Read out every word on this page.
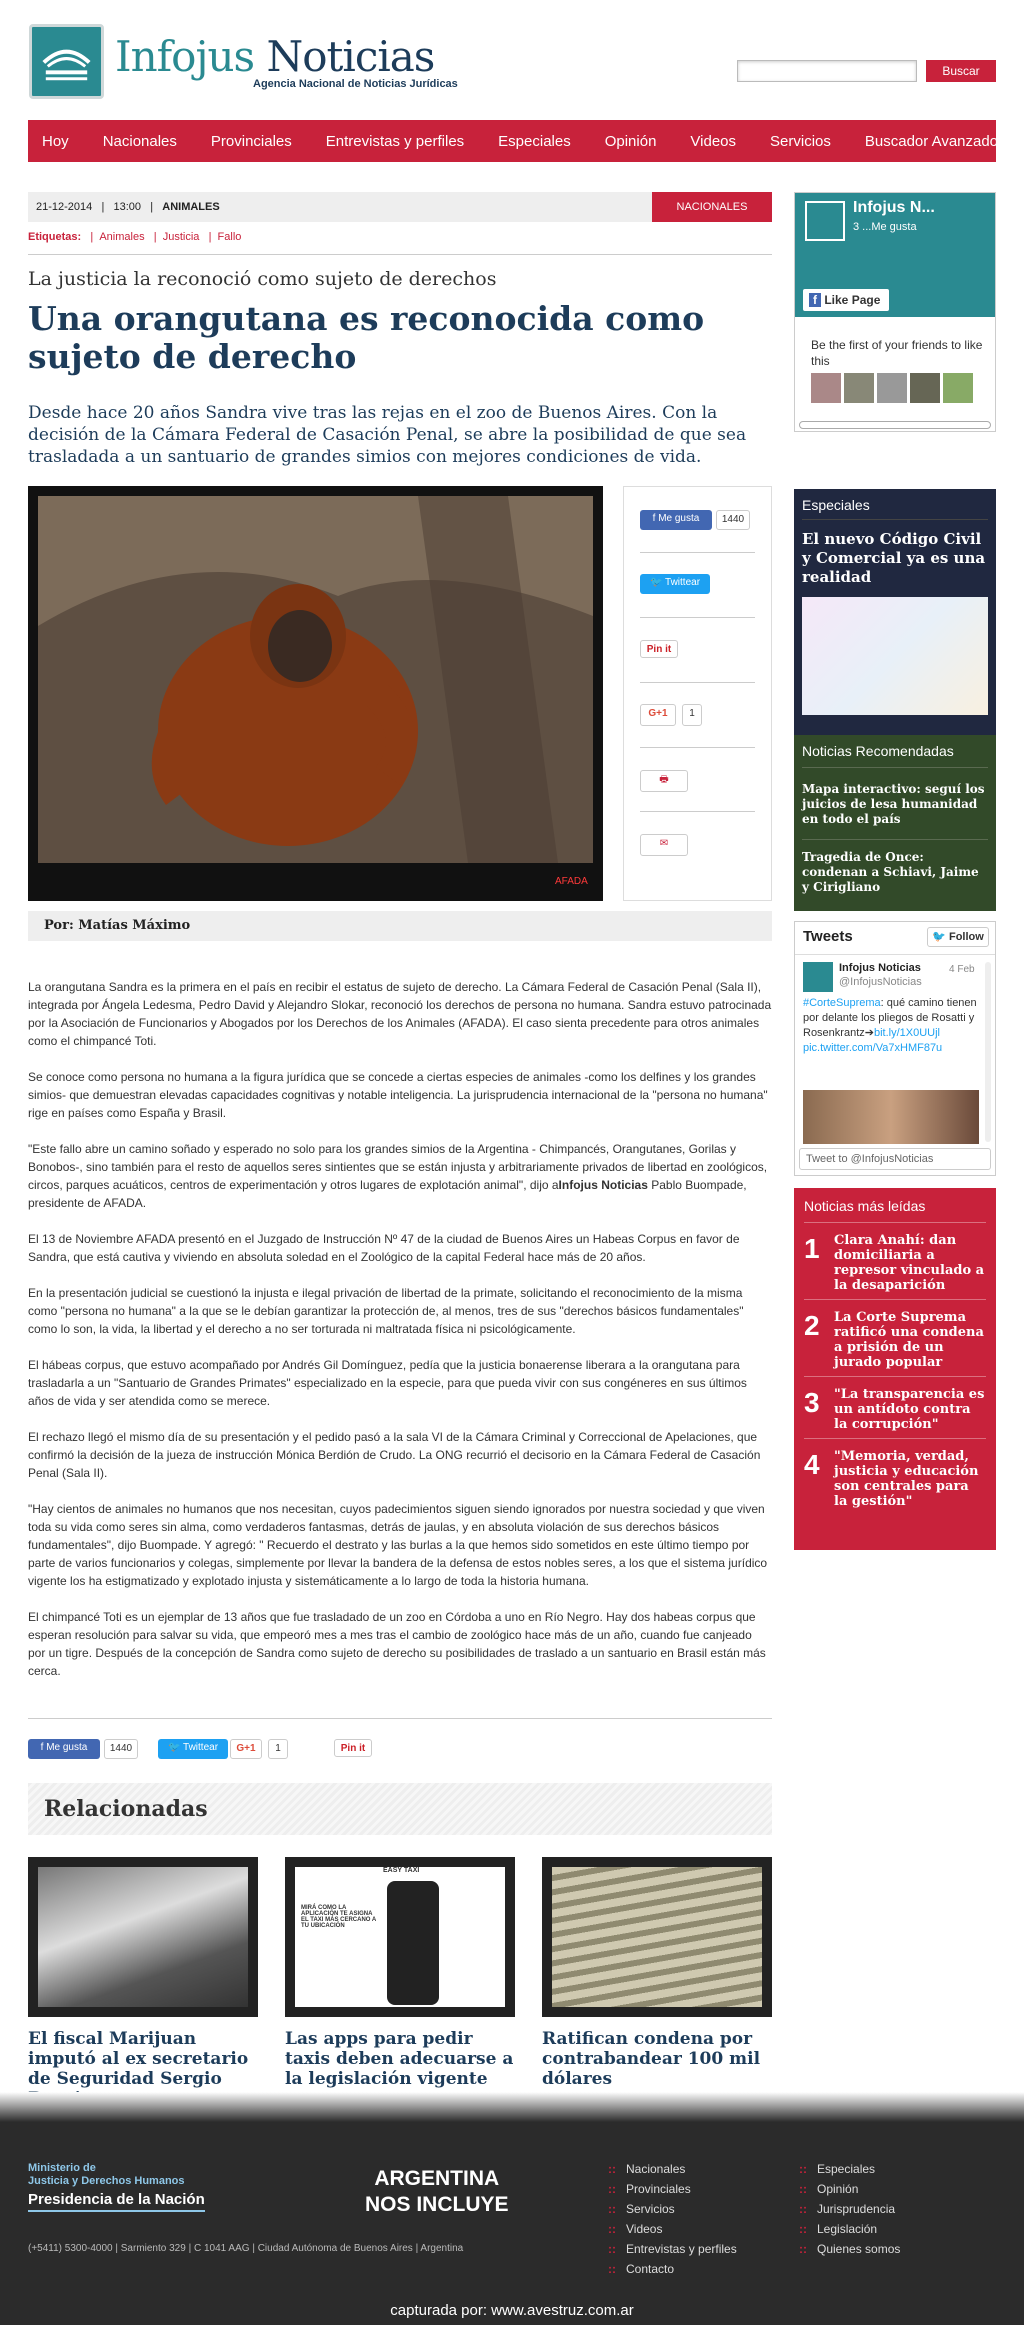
Infojus Noticias
Agencia Nacional de Noticias Jurídicas
Buscar
Hoy Nacionales Provinciales Entrevistas y perfiles Especiales Opinión Videos Servicios Buscador Avanzado
21-12-2014   |   13:00   |   ANIMALES	NACIONALES
Etiquetas:   |  Animales   |  Justicia   |  Fallo
La justicia la reconoció como sujeto de derechos
Una orangutana es reconocida como sujeto de derecho
Desde hace 20 años Sandra vive tras las rejas en el zoo de Buenos Aires. Con la decisión de la Cámara Federal de Casación Penal, se abre la posibilidad de que sea trasladada a un santuario de grandes simios con mejores condiciones de vida.
AFADA
f Me gusta	1440
🐦 Twittear
Pin it
G+1	1
🖶
✉
Por: Matías Máximo

La orangutana Sandra es la primera en el país en recibir el estatus de sujeto de derecho. La Cámara Federal de Casación Penal (Sala II), integrada por Ángela Ledesma, Pedro David y Alejandro Slokar, reconoció los derechos de persona no humana. Sandra estuvo patrocinada por la Asociación de Funcionarios y Abogados por los Derechos de los Animales (AFADA). El caso sienta precedente para otros animales como el chimpancé Toti.

Se conoce como persona no humana a la figura jurídica que se concede a ciertas especies de animales -como los delfines y los grandes simios- que demuestran elevadas capacidades cognitivas y notable inteligencia. La jurisprudencia internacional de la "persona no humana" rige en países como España y Brasil.

"Este fallo abre un camino soñado y esperado no solo para los grandes simios de la Argentina - Chimpancés, Orangutanes, Gorilas y Bonobos-, sino también para el resto de aquellos seres sintientes que se están injusta y arbitrariamente privados de libertad en zoológicos, circos, parques acuáticos, centros de experimentación y otros lugares de explotación animal", dijo aInfojus Noticias Pablo Buompade, presidente de AFADA.

El 13 de Noviembre AFADA presentó en el Juzgado de Instrucción Nº 47 de la ciudad de Buenos Aires un Habeas Corpus en favor de Sandra, que está cautiva y viviendo en absoluta soledad en el Zoológico de la capital Federal hace más de 20 años.

En la presentación judicial se cuestionó la injusta e ilegal privación de libertad de la primate, solicitando el reconocimiento de la misma como "persona no humana" a la que se le debían garantizar la protección de, al menos, tres de sus "derechos básicos fundamentales" como lo son, la vida, la libertad y el derecho a no ser torturada ni maltratada física ni psicológicamente.

El hábeas corpus, que estuvo acompañado por Andrés Gil Domínguez, pedía que la justicia bonaerense liberara a la orangutana para trasladarla a un "Santuario de Grandes Primates" especializado en la especie, para que pueda vivir con sus congéneres en sus últimos años de vida y ser atendida como se merece.

El rechazo llegó el mismo día de su presentación y el pedido pasó a la sala VI de la Cámara Criminal y Correccional de Apelaciones, que confirmó la decisión de la jueza de instrucción Mónica Berdión de Crudo. La ONG recurrió el decisorio en la Cámara Federal de Casación Penal (Sala II).

"Hay cientos de animales no humanos que nos necesitan, cuyos padecimientos siguen siendo ignorados por nuestra sociedad y que viven toda su vida como seres sin alma, como verdaderos fantasmas, detrás de jaulas, y en absoluta violación de sus derechos básicos fundamentales", dijo Buompade. Y agregó: " Recuerdo el destrato y las burlas a la que hemos sido sometidos en este último tiempo por parte de varios funcionarios y colegas, simplemente por llevar la bandera de la defensa de estos nobles seres, a los que el sistema jurídico vigente los ha estigmatizado y explotado injusta y sistemáticamente a lo largo de toda la historia humana.

El chimpancé Toti es un ejemplar de 13 años que fue trasladado de un zoo en Córdoba a uno en Río Negro. Hay dos habeas corpus que esperan resolución para salvar su vida, que empeoró mes a mes tras el cambio de zoológico hace más de un año, cuando fue canjeado por un tigre. Después de la concepción de Sandra como sujeto de derecho su posibilidades de traslado a un santuario en Brasil están más cerca.

f Me gusta	1440	🐦 Twittear	G+1	1	Pin it
Relacionadas
El fiscal Marijuan imputó al ex secretario de Seguridad Sergio
EASY TAXI
MIRÁ COMO LA APLICACIÓN TE ASIGNA EL TAXI MÁS CERCANO A TU UBICACIÓN
Las apps para pedir taxis deben adecuarse a la legislación vigente
Ratifican condena por contrabandear 100 mil dólares
Infojus N...
3 ...Me gusta
f Like Page
Be the first of your friends to like this
Especiales
El nuevo Código Civil y Comercial ya es una realidad
Noticias Recomendadas
Mapa interactivo: seguí los juicios de lesa humanidad en todo el país
Tragedia de Once: condenan a Schiavi, Jaime y Cirigliano
Tweets	🐦 Follow
Infojus Noticias
@InfojusNoticias
4 Feb
#CorteSuprema: qué camino tienen por delante los pliegos de Rosatti y Rosenkrantz➔bit.ly/1X0UUjl
pic.twitter.com/Va7xHMF87u
Tweet to @InfojusNoticias
Noticias más leídas
1	Clara Anahí: dan domiciliaria a represor vinculado a la desaparición
2	La Corte Suprema ratificó una condena a prisión de un jurado popular
3	"La transparencia es un antídoto contra la corrupción"
4	"Memoria, verdad, justicia y educación son centrales para la gestión"
Ministerio de
Justicia y Derechos Humanos
Presidencia de la Nación
ARGENTINA
NOS INCLUYE
(+5411) 5300-4000 | Sarmiento 329 | C 1041 AAG | Ciudad Autónoma de Buenos Aires | Argentina
:: Nacionales
:: Provinciales
:: Servicios
:: Videos
:: Entrevistas y perfiles
:: Contacto
:: Especiales
:: Opinión
:: Jurisprudencia
:: Legislación
:: Quienes somos
capturada por: www.avestruz.com.ar
